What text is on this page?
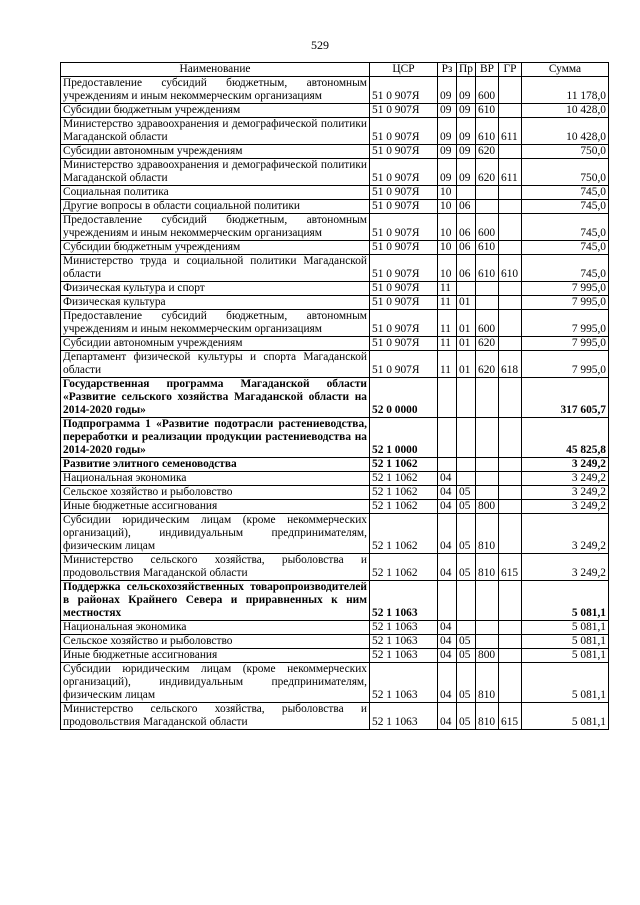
529
Наименование	ЦСР	Рз	Пр	ВР	ГР	Сумма
Предоставление субсидий бюджетным, автономным учреждениям и иным некоммерческим организациям	51 0 907Я	09	09	600		11 178,0
Субсидии бюджетным учреждениям	51 0 907Я	09	09	610		10 428,0
Министерство здравоохранения и демографической политики Магаданской области	51 0 907Я	09	09	610	611	10 428,0
Субсидии автономным учреждениям	51 0 907Я	09	09	620		750,0
Министерство здравоохранения и демографической политики Магаданской области	51 0 907Я	09	09	620	611	750,0
Социальная политика	51 0 907Я	10				745,0
Другие вопросы в области социальной политики	51 0 907Я	10	06			745,0
Предоставление субсидий бюджетным, автономным учреждениям и иным некоммерческим организациям	51 0 907Я	10	06	600		745,0
Субсидии бюджетным учреждениям	51 0 907Я	10	06	610		745,0
Министерство труда и социальной политики Магаданской области	51 0 907Я	10	06	610	610	745,0
Физическая культура и спорт	51 0 907Я	11				7 995,0
Физическая культура	51 0 907Я	11	01			7 995,0
Предоставление субсидий бюджетным, автономным учреждениям и иным некоммерческим организациям	51 0 907Я	11	01	600		7 995,0
Субсидии автономным учреждениям	51 0 907Я	11	01	620		7 995,0
Департамент физической культуры и спорта Магаданской области	51 0 907Я	11	01	620	618	7 995,0
Государственная программа Магаданской области «Развитие сельского хозяйства Магаданской области на 2014-2020 годы»	52 0 0000					317 605,7
Подпрограмма 1 «Развитие подотрасли растениеводства, переработки и реализации продукции растениеводства на 2014-2020 годы»	52 1 0000					45 825,8
Развитие элитного семеноводства	52 1 1062					3 249,2
Национальная экономика	52 1 1062	04				3 249,2
Сельское хозяйство и рыболовство	52 1 1062	04	05			3 249,2
Иные бюджетные ассигнования	52 1 1062	04	05	800		3 249,2
Субсидии юридическим лицам (кроме некоммерческих организаций), индивидуальным предпринимателям, физическим лицам	52 1 1062	04	05	810		3 249,2
Министерство сельского хозяйства, рыболовства и продовольствия Магаданской области	52 1 1062	04	05	810	615	3 249,2
Поддержка сельскохозяйственных товаропроизводителей в районах Крайнего Севера и приравненных к ним местностях	52 1 1063					5 081,1
Национальная экономика	52 1 1063	04				5 081,1
Сельское хозяйство и рыболовство	52 1 1063	04	05			5 081,1
Иные бюджетные ассигнования	52 1 1063	04	05	800		5 081,1
Субсидии юридическим лицам (кроме некоммерческих организаций), индивидуальным предпринимателям, физическим лицам	52 1 1063	04	05	810		5 081,1
Министерство сельского хозяйства, рыболовства и продовольствия Магаданской области	52 1 1063	04	05	810	615	5 081,1
